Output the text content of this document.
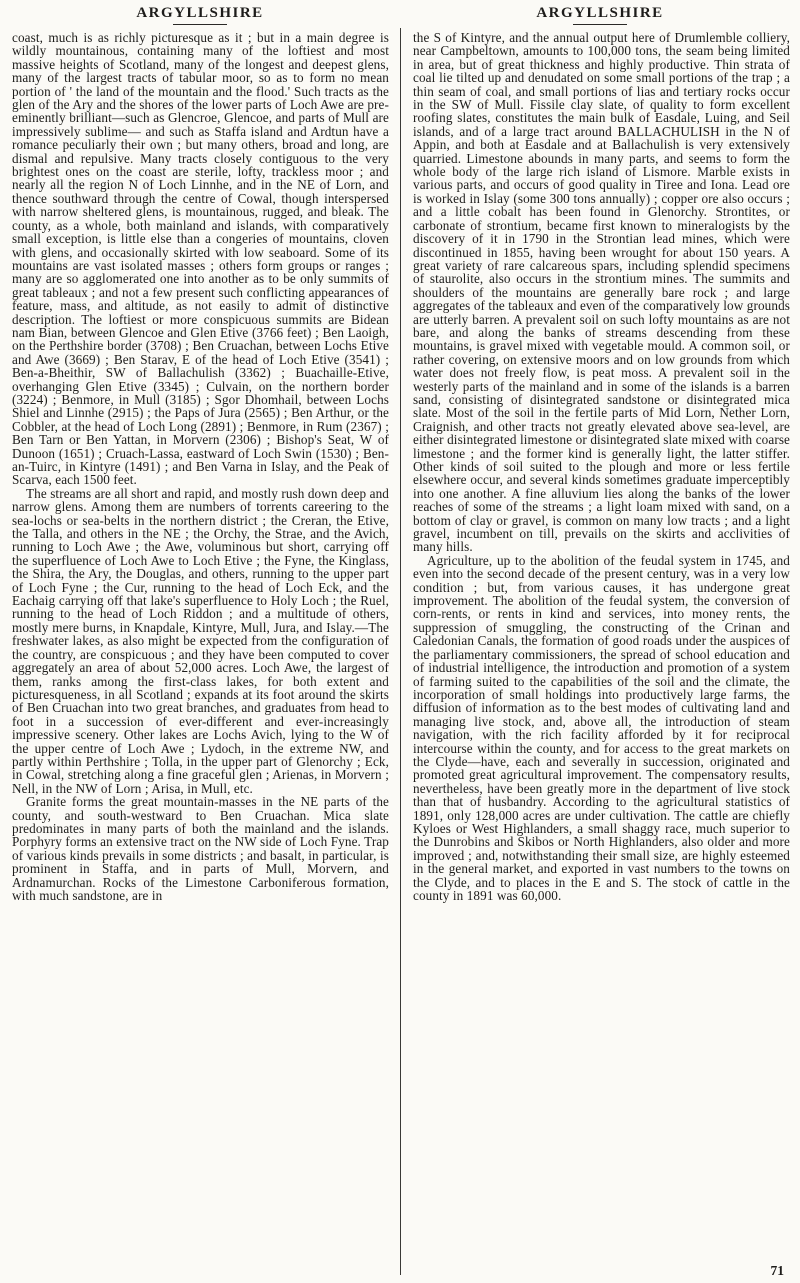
ARGYLLSHIRE	ARGYLLSHIRE

coast, much is as richly picturesque as it ; but in a main degree is wildly mountainous, containing many of the loftiest and most massive heights of Scotland, many of the longest and deepest glens, many of the largest tracts of tabular moor, so as to form no mean portion of ' the land of the mountain and the flood.' Such tracts as the glen of the Ary and the shores of the lower parts of Loch Awe are pre-eminently brilliant—such as Glencroe, Glencoe, and parts of Mull are impressively sublime— and such as Staffa island and Ardtun have a romance peculiarly their own ; but many others, broad and long, are dismal and repulsive. Many tracts closely contiguous to the very brightest ones on the coast are sterile, lofty, trackless moor ; and nearly all the region N of Loch Linnhe, and in the NE of Lorn, and thence southward through the centre of Cowal, though interspersed with narrow sheltered glens, is mountainous, rugged, and bleak. The county, as a whole, both mainland and islands, with comparatively small exception, is little else than a congeries of mountains, cloven with glens, and occasionally skirted with low seaboard. Some of its mountains are vast isolated masses ; others form groups or ranges ; many are so agglomerated one into another as to be only summits of great tableaux ; and not a few present such conflicting appearances of feature, mass, and altitude, as not easily to admit of distinctive description. The loftiest or more conspicuous summits are Bidean nam Bian, between Glencoe and Glen Etive (3766 feet) ; Ben Laoigh, on the Perthshire border (3708) ; Ben Cruachan, between Lochs Etive and Awe (3669) ; Ben Starav, E of the head of Loch Etive (3541) ; Ben-a-Bheithir, SW of Ballachulish (3362) ; Buachaille-Etive, overhanging Glen Etive (3345) ; Culvain, on the northern border (3224) ; Benmore, in Mull (3185) ; Sgor Dhomhail, between Lochs Shiel and Linnhe (2915) ; the Paps of Jura (2565) ; Ben Arthur, or the Cobbler, at the head of Loch Long (2891) ; Benmore, in Rum (2367) ; Ben Tarn or Ben Yattan, in Morvern (2306) ; Bishop's Seat, W of Dunoon (1651) ; Cruach-Lassa, eastward of Loch Swin (1530) ; Ben-an-Tuirc, in Kintyre (1491) ; and Ben Varna in Islay, and the Peak of Scarva, each 1500 feet.

The streams are all short and rapid, and mostly rush down deep and narrow glens. Among them are numbers of torrents careering to the sea-lochs or sea-belts in the northern district ; the Creran, the Etive, the Talla, and others in the NE ; the Orchy, the Strae, and the Avich, running to Loch Awe ; the Awe, voluminous but short, carrying off the superfluence of Loch Awe to Loch Etive ; the Fyne, the Kinglass, the Shira, the Ary, the Douglas, and others, running to the upper part of Loch Fyne ; the Cur, running to the head of Loch Eck, and the Eachaig carrying off that lake's superfluence to Holy Loch ; the Ruel, running to the head of Loch Riddon ; and a multitude of others, mostly mere burns, in Knapdale, Kintyre, Mull, Jura, and Islay.—The freshwater lakes, as also might be expected from the configuration of the country, are conspicuous ; and they have been computed to cover aggregately an area of about 52,000 acres. Loch Awe, the largest of them, ranks among the first-class lakes, for both extent and picturesqueness, in all Scotland ; expands at its foot around the skirts of Ben Cruachan into two great branches, and graduates from head to foot in a succession of ever-different and ever-increasingly impressive scenery. Other lakes are Lochs Avich, lying to the W of the upper centre of Loch Awe ; Lydoch, in the extreme NW, and partly within Perthshire ; Tolla, in the upper part of Glenorchy ; Eck, in Cowal, stretching along a fine graceful glen ; Arienas, in Morvern ; Nell, in the NW of Lorn ; Arisa, in Mull, etc.

Granite forms the great mountain-masses in the NE parts of the county, and south-westward to Ben Cruachan. Mica slate predominates in many parts of both the mainland and the islands. Porphyry forms an extensive tract on the NW side of Loch Fyne. Trap of various kinds prevails in some districts ; and basalt, in particular, is prominent in Staffa, and in parts of Mull, Morvern, and Ardnamurchan. Rocks of the Limestone Carboniferous formation, with much sandstone, are in

the S of Kintyre, and the annual output here of Drumlemble colliery, near Campbeltown, amounts to 100,000 tons, the seam being limited in area, but of great thickness and highly productive. Thin strata of coal lie tilted up and denudated on some small portions of the trap ; a thin seam of coal, and small portions of lias and tertiary rocks occur in the SW of Mull. Fissile clay slate, of quality to form excellent roofing slates, constitutes the main bulk of Easdale, Luing, and Seil islands, and of a large tract around BALLACHULISH in the N of Appin, and both at Easdale and at Ballachulish is very extensively quarried. Limestone abounds in many parts, and seems to form the whole body of the large rich island of Lismore. Marble exists in various parts, and occurs of good quality in Tiree and Iona. Lead ore is worked in Islay (some 300 tons annually) ; copper ore also occurs ; and a little cobalt has been found in Glenorchy. Strontites, or carbonate of strontium, became first known to mineralogists by the discovery of it in 1790 in the Strontian lead mines, which were discontinued in 1855, having been wrought for about 150 years. A great variety of rare calcareous spars, including splendid specimens of staurolite, also occurs in the strontium mines. The summits and shoulders of the mountains are generally bare rock ; and large aggregates of the tableaux and even of the comparatively low grounds are utterly barren. A prevalent soil on such lofty mountains as are not bare, and along the banks of streams descending from these mountains, is gravel mixed with vegetable mould. A common soil, or rather covering, on extensive moors and on low grounds from which water does not freely flow, is peat moss. A prevalent soil in the westerly parts of the mainland and in some of the islands is a barren sand, consisting of disintegrated sandstone or disintegrated mica slate. Most of the soil in the fertile parts of Mid Lorn, Nether Lorn, Craignish, and other tracts not greatly elevated above sea-level, are either disintegrated limestone or disintegrated slate mixed with coarse limestone ; and the former kind is generally light, the latter stiffer. Other kinds of soil suited to the plough and more or less fertile elsewhere occur, and several kinds sometimes graduate imperceptibly into one another. A fine alluvium lies along the banks of the lower reaches of some of the streams ; a light loam mixed with sand, on a bottom of clay or gravel, is common on many low tracts ; and a light gravel, incumbent on till, prevails on the skirts and acclivities of many hills.

Agriculture, up to the abolition of the feudal system in 1745, and even into the second decade of the present century, was in a very low condition ; but, from various causes, it has undergone great improvement. The abolition of the feudal system, the conversion of corn-rents, or rents in kind and services, into money rents, the suppression of smuggling, the constructing of the Crinan and Caledonian Canals, the formation of good roads under the auspices of the parliamentary commissioners, the spread of school education and of industrial intelligence, the introduction and promotion of a system of farming suited to the capabilities of the soil and the climate, the incorporation of small holdings into productively large farms, the diffusion of information as to the best modes of cultivating land and managing live stock, and, above all, the introduction of steam navigation, with the rich facility afforded by it for reciprocal intercourse within the county, and for access to the great markets on the Clyde—have, each and severally in succession, originated and promoted great agricultural improvement. The compensatory results, nevertheless, have been greatly more in the department of live stock than that of husbandry. According to the agricultural statistics of 1891, only 128,000 acres are under cultivation. The cattle are chiefly Kyloes or West Highlanders, a small shaggy race, much superior to the Dunrobins and Skibos or North Highlanders, also older and more improved ; and, notwithstanding their small size, are highly esteemed in the general market, and exported in vast numbers to the towns on the Clyde, and to places in the E and S. The stock of cattle in the county in 1891 was 60,000.

71
